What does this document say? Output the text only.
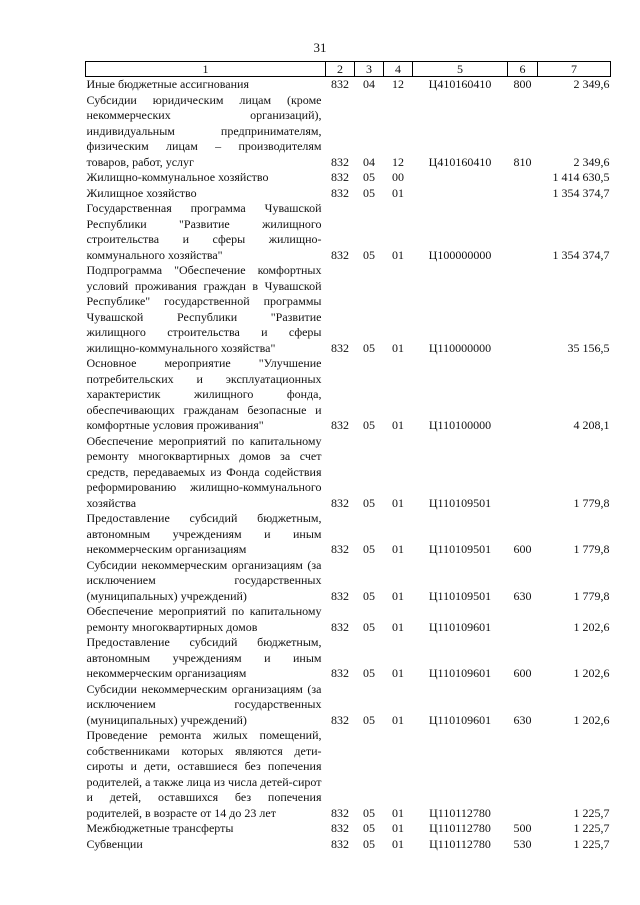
31
1	2	3	4	5	6	7
Иные бюджетные ассигнования	832	04	12	Ц410160410	800	2 349,6
Субсидии юридическим лицам (кроме некоммерческих организаций), индивидуальным предпринимателям, физическим лицам – производителям товаров, работ, услуг	832	04	12	Ц410160410	810	2 349,6
Жилищно-коммунальное хозяйство	832	05	00			1 414 630,5
Жилищное хозяйство	832	05	01			1 354 374,7
Государственная программа Чувашской Республики "Развитие жилищного строительства и сферы жилищно-коммунального хозяйства"	832	05	01	Ц100000000		1 354 374,7
Подпрограмма "Обеспечение комфортных условий проживания граждан в Чувашской Республике" государственной программы Чувашской Республики "Развитие жилищного строительства и сферы жилищно-коммунального хозяйства"	832	05	01	Ц110000000		35 156,5
Основное мероприятие "Улучшение потребительских и эксплуатационных характеристик жилищного фонда, обеспечивающих гражданам безопасные и комфортные условия проживания"	832	05	01	Ц110100000		4 208,1
Обеспечение мероприятий по капитальному ремонту многоквартирных домов за счет средств, передаваемых из Фонда содействия реформированию жилищно-коммунального хозяйства	832	05	01	Ц110109501		1 779,8
Предоставление субсидий бюджетным, автономным учреждениям и иным некоммерческим организациям	832	05	01	Ц110109501	600	1 779,8
Субсидии некоммерческим организациям (за исключением государственных (муниципальных) учреждений)	832	05	01	Ц110109501	630	1 779,8
Обеспечение мероприятий по капитальному ремонту многоквартирных домов	832	05	01	Ц110109601		1 202,6
Предоставление субсидий бюджетным, автономным учреждениям и иным некоммерческим организациям	832	05	01	Ц110109601	600	1 202,6
Субсидии некоммерческим организациям (за исключением государственных (муниципальных) учреждений)	832	05	01	Ц110109601	630	1 202,6
Проведение ремонта жилых помещений, собственниками которых являются дети-сироты и дети, оставшиеся без попечения родителей, а также лица из числа детей-сирот и детей, оставшихся без попечения родителей, в возрасте от 14 до 23 лет	832	05	01	Ц110112780		1 225,7
Межбюджетные трансферты	832	05	01	Ц110112780	500	1 225,7
Субвенции	832	05	01	Ц110112780	530	1 225,7
